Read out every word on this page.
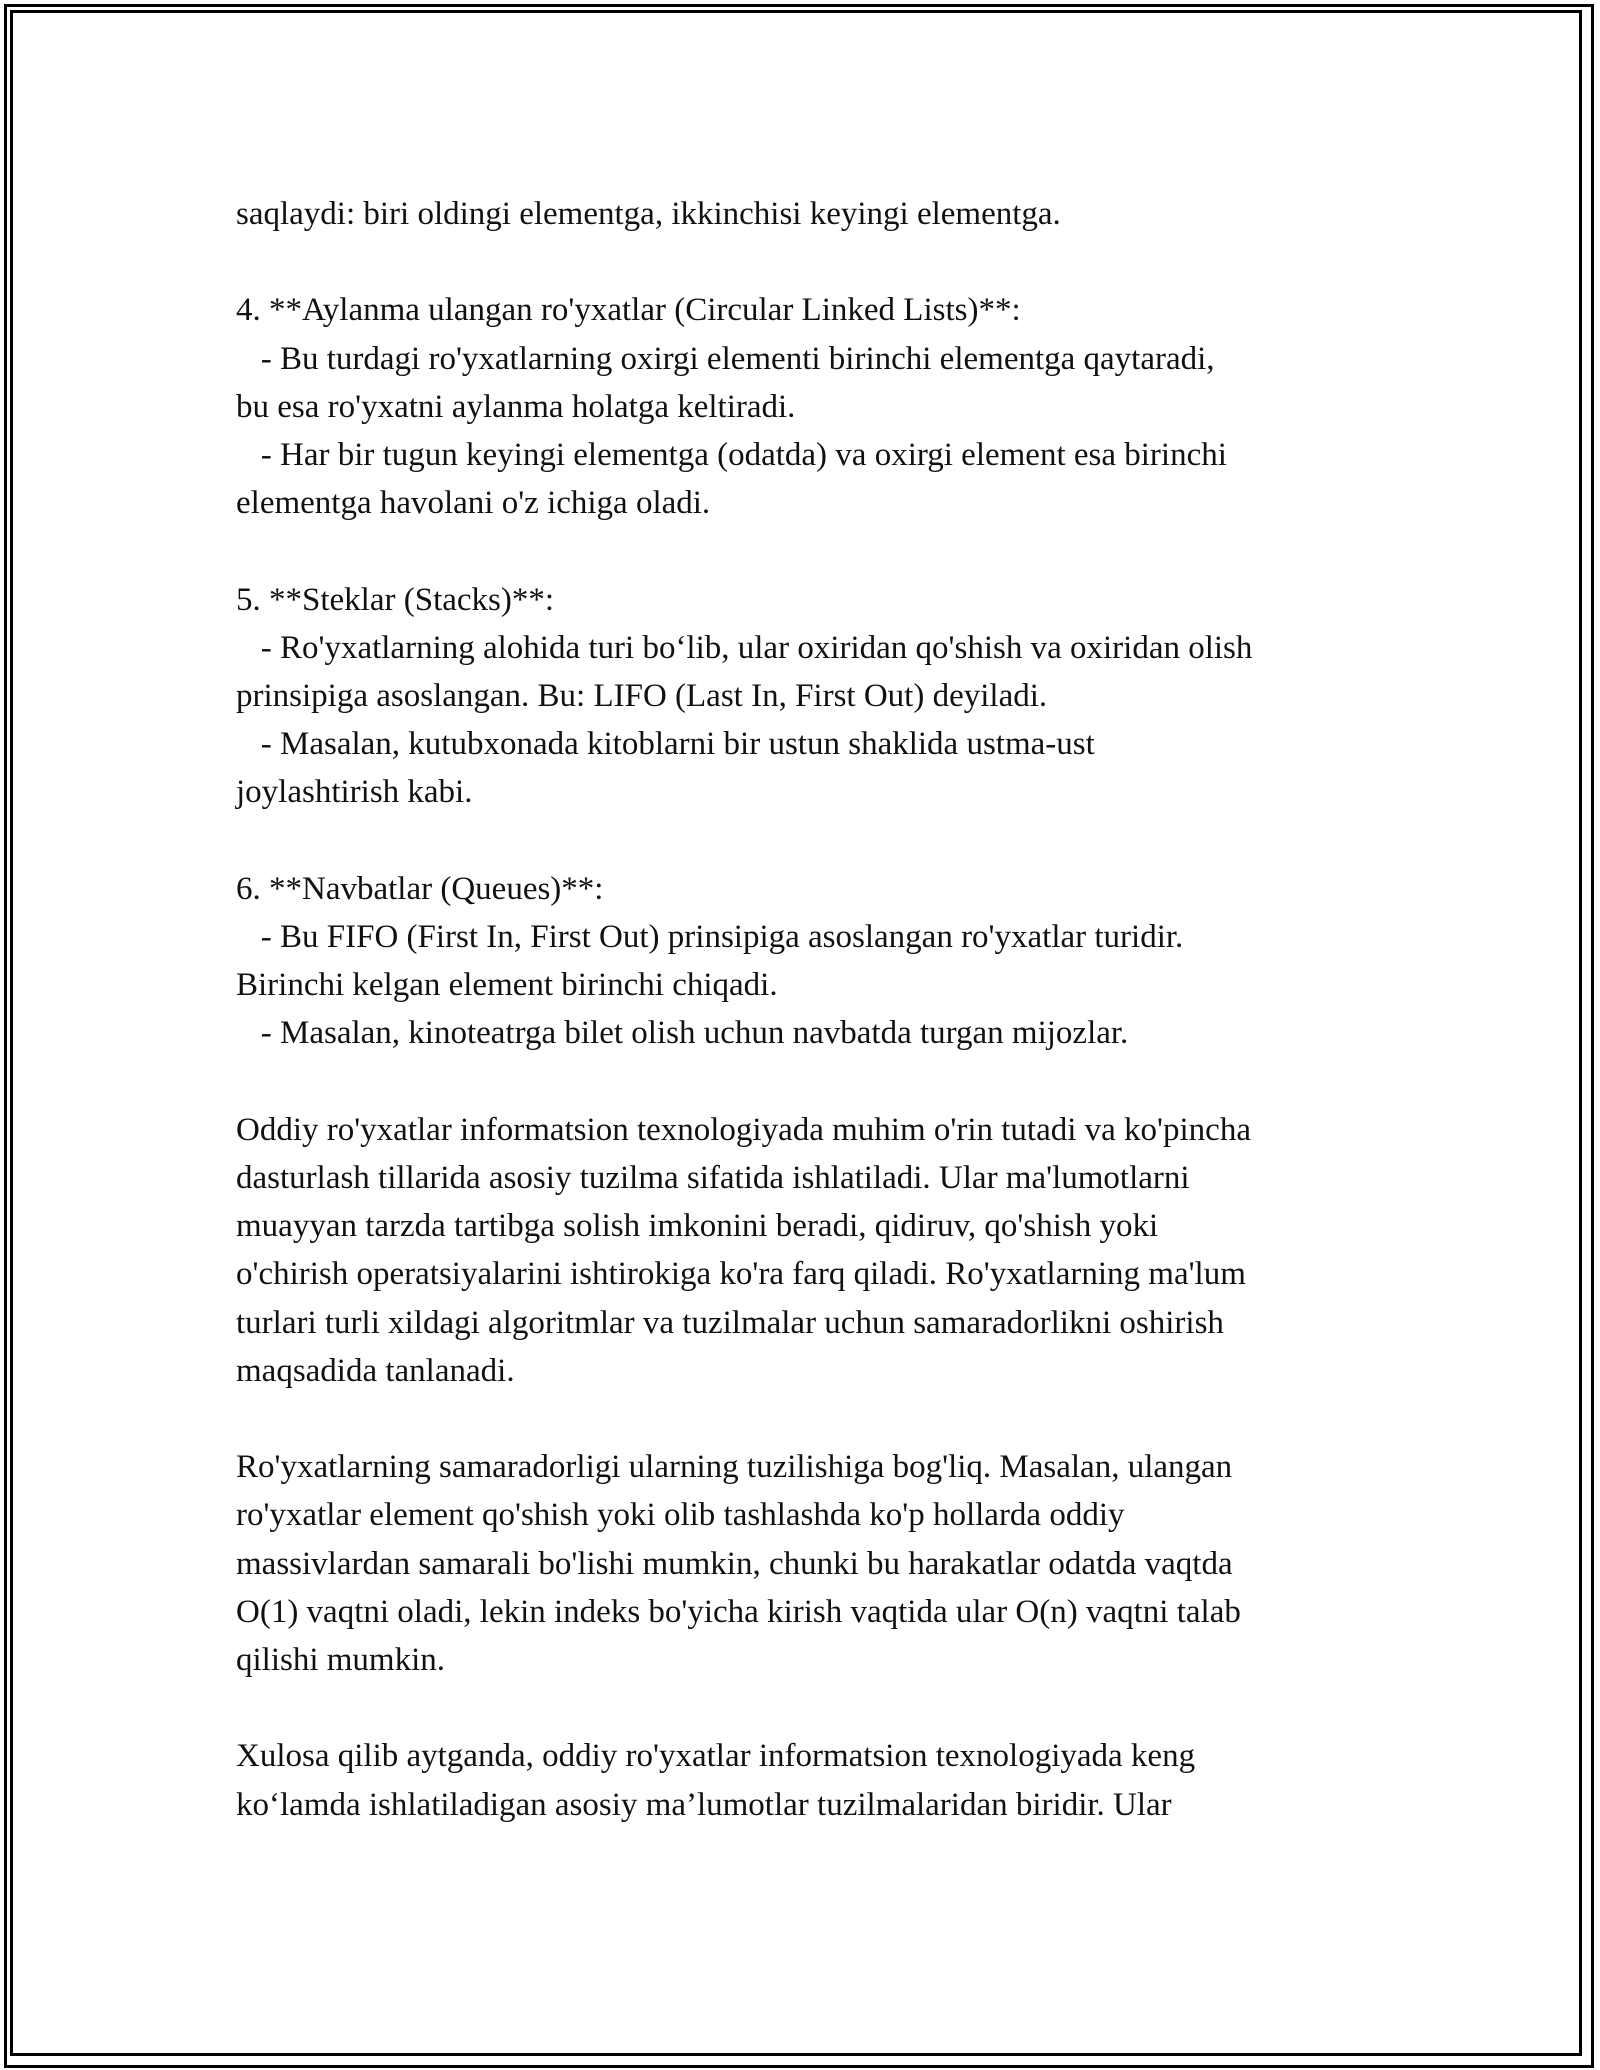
saqlaydi: biri oldingi elementga, ikkinchisi keyingi elementga.

4. **Aylanma ulangan ro'yxatlar (Circular Linked Lists)**:
- Bu turdagi ro'yxatlarning oxirgi elementi birinchi elementga qaytaradi,
bu esa ro'yxatni aylanma holatga keltiradi.
- Har bir tugun keyingi elementga (odatda) va oxirgi element esa birinchi
elementga havolani o'z ichiga oladi.

5. **Steklar (Stacks)**:
- Ro'yxatlarning alohida turi bo‘lib, ular oxiridan qo'shish va oxiridan olish
prinsipiga asoslangan. Bu: LIFO (Last In, First Out) deyiladi.
- Masalan, kutubxonada kitoblarni bir ustun shaklida ustma-ust
joylashtirish kabi.

6. **Navbatlar (Queues)**:
- Bu FIFO (First In, First Out) prinsipiga asoslangan ro'yxatlar turidir.
Birinchi kelgan element birinchi chiqadi.
- Masalan, kinoteatrga bilet olish uchun navbatda turgan mijozlar.

Oddiy ro'yxatlar informatsion texnologiyada muhim o'rin tutadi va ko'pincha
dasturlash tillarida asosiy tuzilma sifatida ishlatiladi. Ular ma'lumotlarni
muayyan tarzda tartibga solish imkonini beradi, qidiruv, qo'shish yoki
o'chirish operatsiyalarini ishtirokiga ko'ra farq qiladi. Ro'yxatlarning ma'lum
turlari turli xildagi algoritmlar va tuzilmalar uchun samaradorlikni oshirish
maqsadida tanlanadi.

Ro'yxatlarning samaradorligi ularning tuzilishiga bog'liq. Masalan, ulangan
ro'yxatlar element qo'shish yoki olib tashlashda ko'p hollarda oddiy
massivlardan samarali bo'lishi mumkin, chunki bu harakatlar odatda vaqtda
O(1) vaqtni oladi, lekin indeks bo'yicha kirish vaqtida ular O(n) vaqtni talab
qilishi mumkin.

Xulosa qilib aytganda, oddiy ro'yxatlar informatsion texnologiyada keng
ko‘lamda ishlatiladigan asosiy ma’lumotlar tuzilmalaridan biridir. Ular
